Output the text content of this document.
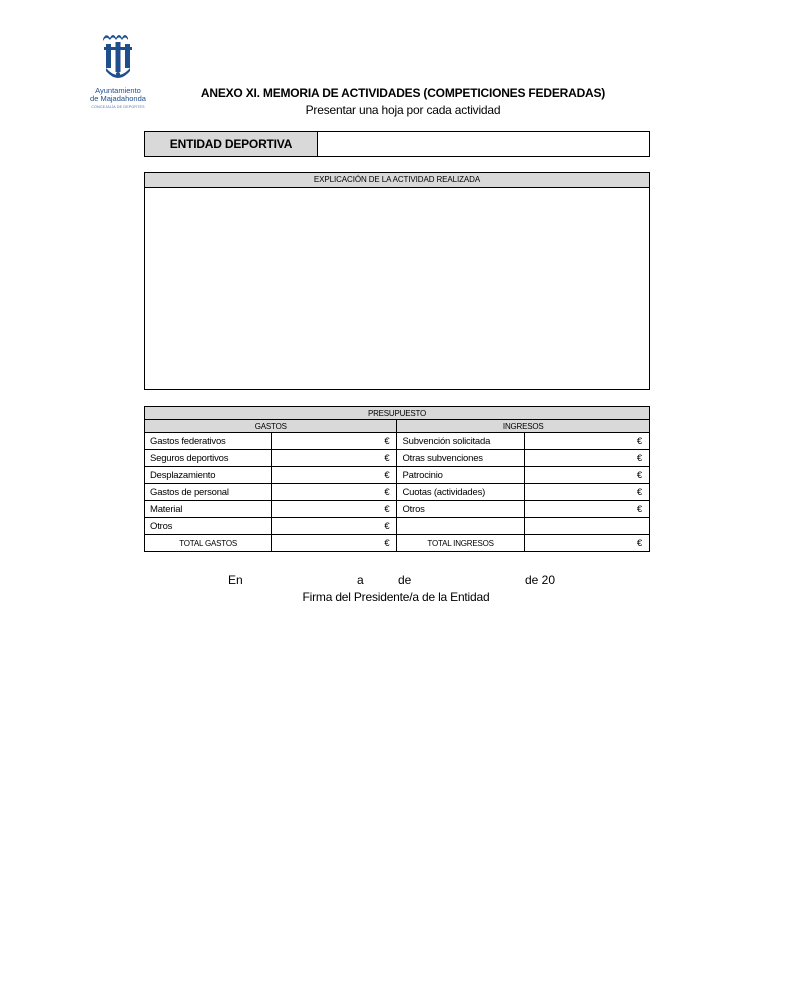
Ayuntamiento
de Majadahonda
CONCEJALÍA DE DEPORTES
ANEXO XI. MEMORIA DE ACTIVIDADES (COMPETICIONES FEDERADAS)
Presentar una hoja por cada actividad
ENTIDAD DEPORTIVA
EXPLICACIÓN DE LA ACTIVIDAD REALIZADA
PRESUPUESTO			
GASTOS		INGRESOS	
Gastos federativos	€	Subvención solicitada	€
Seguros deportivos	€	Otras subvenciones	€
Desplazamiento	€	Patrocinio	€
Gastos de personal	€	Cuotas (actividades)	€
Material	€	Otros	€
Otros	€		
TOTAL GASTOS	€	TOTAL INGRESOS	€
En	a	de	de 20
Firma del Presidente/a de la Entidad
